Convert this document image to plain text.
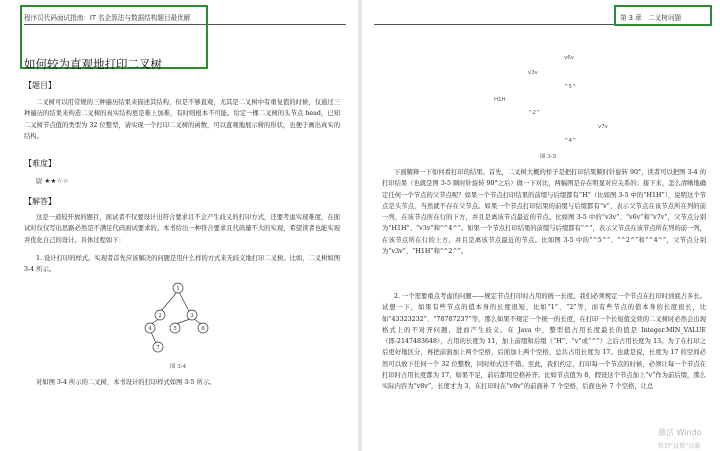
程序员代码面试指南：IT 名企算法与数据结构题目最优解
如何较为直观地打印二叉树
【题目】
二叉树可以用常规的三种遍历结果来描述其结构，但是不够直观，尤其是二叉树中有重复值的时候，仅通过三种遍历的结果来构造二叉树的真实结构更是难上加难，有时则根本不可能。给定一棵二叉树的头节点 head，已知二叉树节点值的类型为 32 位整型，请实现一个打印二叉树的函数，可以直观地展示树的形状，也便于画出真实的结构。
【难度】
尉 ★★☆☆
【解答】
这是一道较开放的题目，面试者不仅要设计出符合要求且不会产生歧义的打印方式，还要考虑实现难度，在面试时仅仅写出思路必然是不满足代码面试要求的。本书给出一种符合要求且代码量不大的实现，希望读者也能实现并优化自己的设计。具体过程如下：
1. 设计打印的样式。实现者首先应该解决的问题是用什么样的方式来无歧义地打印二叉树。比如，二叉树如图 3-4 所示。
1
2	3
4	5	6
7
图 3-4
对如图 3-4 所示的二叉树，本书设计的打印样式如图 3-5 所示。
第 3 章　二叉树问题
v6v
v3v
^5^
H1H
^2^
v7v
^4^
图 3-5
下面解释一下如何看打印的结果。首先，二叉树大概的样子是把打印结果顺时针旋转 90°，读者可以把图 3-4 的打印结果（也就是图 3-5 顺时针旋转 90°之后）做一下对比，两幅图是存在明显对应关系的；接下来，怎么清晰地确定任何一个节点的父节点呢？如果一个节点打印结果的前缀与后缀都有“H”（比如图 3-5 中的“H1H”），说明这个节点是头节点，当然就不存在父节点。如果一个节点打印结果的前缀与后缀都有“v”，表示父节点在该节点所在列的前一列，在该节点所在行的下方，并且是离该节点最近的节点。比如图 3-5 中的“v3v”、“v6v”和“v7v”，父节点分别为“H1H”、“v3v”和“^4^”。如果一个节点打印结果的前缀与后缀都有“^”，表示父节点在该节点所在列的前一列，在该节点所在行的上方，并且是离该节点最近的节点。比如图 3-5 中的“^5^”、“^2^”和“^4^”，父节点分别为“v3v”、“H1H”和“^2^”。
2. 一个需要重点考虑的问题——规定节点打印时占用的统一长度。我们必须规定一个节点在打印时到底占多长。试想一下，如果有些节点的值本身的长度很短，比如“1”、“2”等，而有些节点的值本身的长度很长，比如“43323232”、“78787237”等，那么如果不规定一个统一的长度，在打印一个长短值交替的二叉树时必然会出现格式上的不对齐问题，进而产生歧义。在 Java 中，整型值占用长度最长的值是 Integer.MIN_VALUE（即-2147483648），占用的长度为 11，加上前缀和后缀（“H”、“v”或“^”）之后占用长度为 13。为了在打印之后更好地区分，再把前面加上两个空格，后面加上两个空格，总共占用长度为 17。也就是说，长度为 17 的空间必然可以放下任何一个 32 位整数，同时样式还不错。至此，我们约定，打印每一个节点的时候，必须让每一个节点在打印时占用长度都为 17，如果不足，前后都用空格补齐。比如节点值为 8，假设这个节点加上“v”作为前后缀，那么实际内容为“v8v”，长度才为 3，在打印时在“v8v”的前面补 7 个空格，后面也补 7 个空格，让总
激活 Windo
转到“设置”以激
